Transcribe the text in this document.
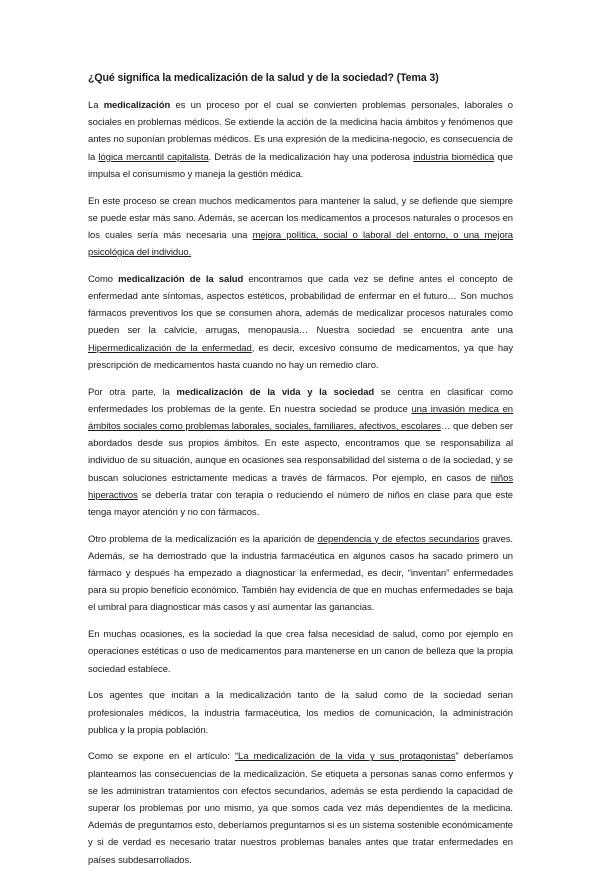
¿Qué significa la medicalización de la salud y de la sociedad? (Tema 3)

La medicalización es un proceso por el cual se convierten problemas personales, laborales o sociales en problemas médicos. Se extiende la acción de la medicina hacia ámbitos y fenómenos que antes no suponían problemas médicos. Es una expresión de la medicina-negocio, es consecuencia de la lógica mercantil capitalista. Detrás de la medicalización hay una poderosa industria biomédica que impulsa el consumismo y maneja la gestión médica.

En este proceso se crean muchos medicamentos para mantener la salud, y se defiende que siempre se puede estar más sano. Además, se acercan los medicamentos a procesos naturales o procesos en los cuales sería más necesaria una mejora política, social o laboral del entorno, o una mejora psicológica del individuo.

Como medicalización de la salud encontramos que cada vez se define antes el concepto de enfermedad ante síntomas, aspectos estéticos, probabilidad de enfermar en el futuro… Son muchos fármacos preventivos los que se consumen ahora, además de medicalizar procesos naturales como pueden ser la calvicie, arrugas, menopausia… Nuestra sociedad se encuentra ante una Hipermedicalización de la enfermedad, es decir, excesivo consumo de medicamentos, ya que hay prescripción de medicamentos hasta cuando no hay un remedio claro.

Por otra parte, la medicalización de la vida y la sociedad se centra en clasificar como enfermedades los problemas de la gente. En nuestra sociedad se produce una invasión medica en ámbitos sociales como problemas laborales, sociales, familiares, afectivos, escolares… que deben ser abordados desde sus propios ámbitos. En este aspecto, encontramos que se responsabiliza al individuo de su situación, aunque en ocasiones sea responsabilidad del sistema o de la sociedad, y se buscan soluciones estrictamente medicas a través de fármacos. Por ejemplo, en casos de niños hiperactivos se debería tratar con terapia o reduciendo el número de niños en clase para que este tenga mayor atención y no con fármacos.

Otro problema de la medicalización es la aparición de dependencia y de efectos secundarios graves. Además, se ha demostrado que la industria farmacéutica en algunos casos ha sacado primero un fármaco y después ha empezado a diagnosticar la enfermedad, es decir, “inventan” enfermedades para su propio beneficio económico. También hay evidencia de que en muchas enfermedades se baja el umbral para diagnosticar más casos y así aumentar las ganancias.

En muchas ocasiones, es la sociedad la que crea falsa necesidad de salud, como por ejemplo en operaciones estéticas o uso de medicamentos para mantenerse en un canon de belleza que la propia sociedad establece.

Los agentes que incitan a la medicalización tanto de la salud como de la sociedad serian profesionales médicos, la industria farmacéutica, los medios de comunicación, la administración publica y la propia población.

Como se expone en el artículo: “La medicalización de la vida y sus protagonistas” deberíamos planteamos las consecuencias de la medicalización. Se etiqueta a personas sanas como enfermos y se les administran tratamientos con efectos secundarios, además se esta perdiendo la capacidad de superar los problemas por uno mismo, ya que somos cada vez más dependientes de la medicina. Además de preguntamos esto, deberíamos preguntarnos si es un sistema sostenible económicamente y si de verdad es necesario tratar nuestros problemas banales antes que tratar enfermedades en países subdesarrollados.
